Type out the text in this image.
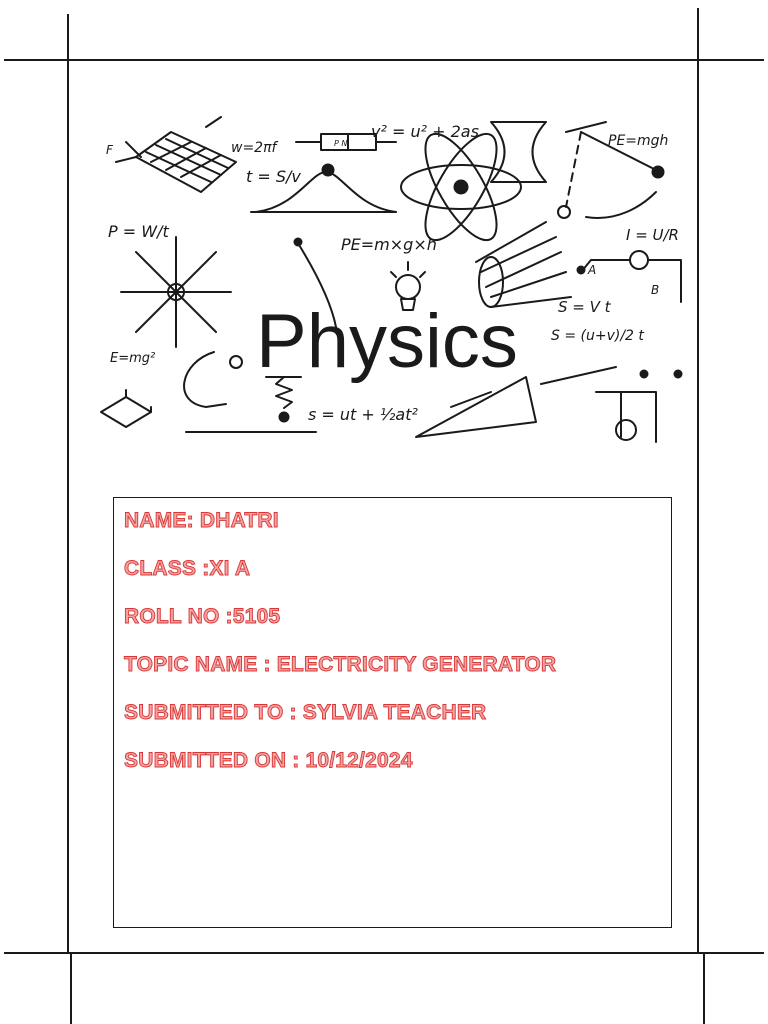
F	w=2πf
v² = u² + 2as	PE=mgh
t = S/v
P N
P = W/t
PE=m×g×h	I = U/R
A
B
S = V t
S = (u+v)/2 t
Physics
E=mg²
s = ut + ½at²
NAME: DHATRI
CLASS :XI A
ROLL NO :5105
TOPIC NAME : ELECTRICITY GENERATOR
SUBMITTED TO : SYLVIA TEACHER
SUBMITTED ON : 10/12/2024
